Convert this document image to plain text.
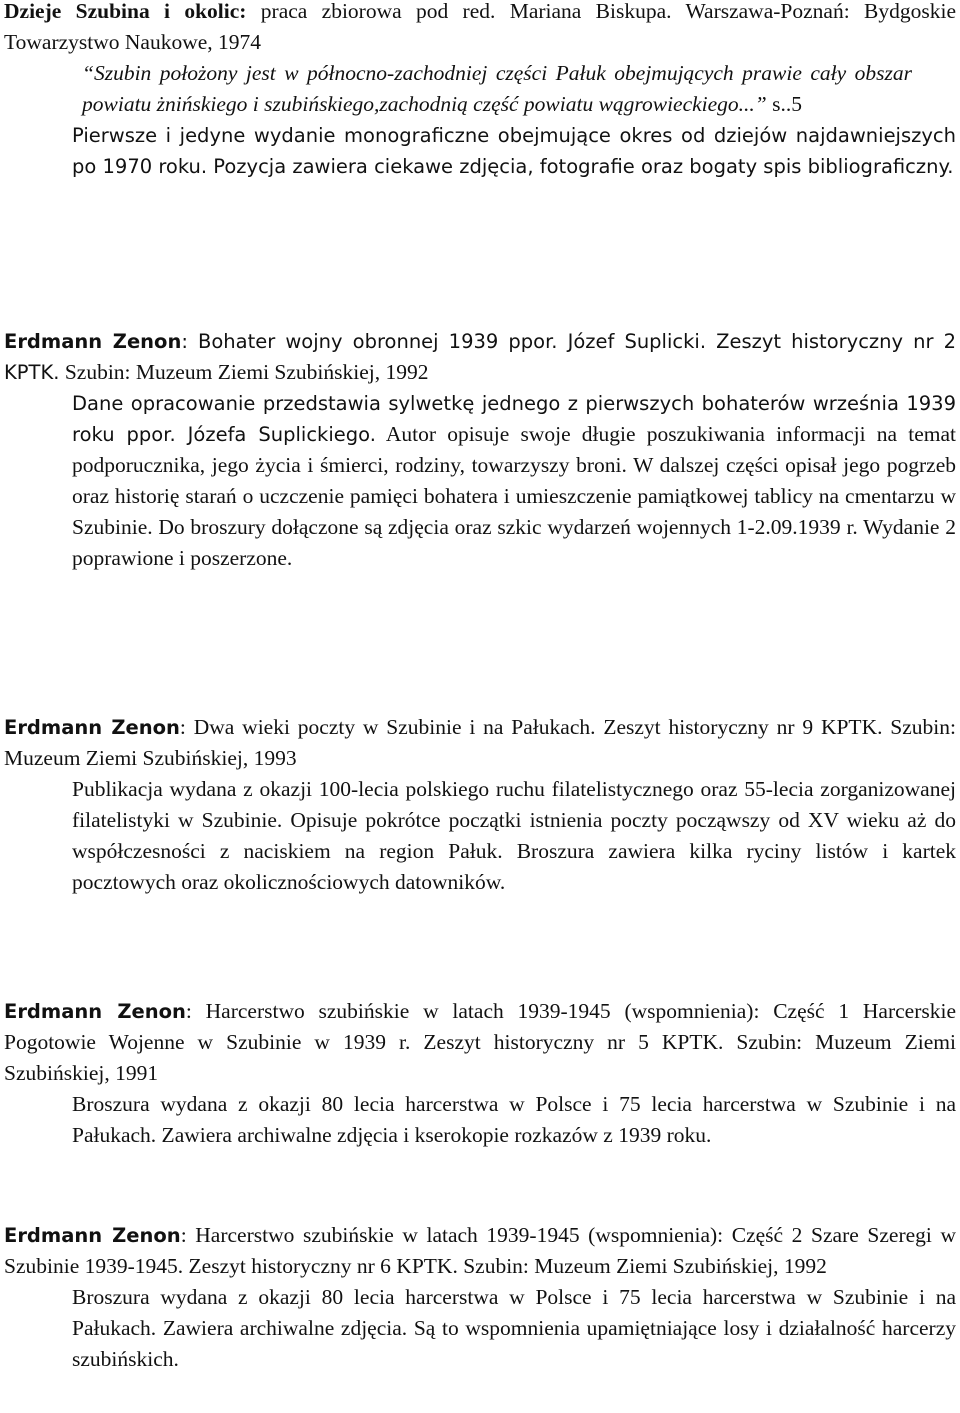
Dzieje Szubina i okolic: praca zbiorowa pod red. Mariana Biskupa. Warszawa-Poznań: Bydgoskie Towarzystwo Naukowe, 1974
“Szubin położony jest w północno-zachodniej części Pałuk obejmujących prawie cały obszar powiatu żnińskiego i szubińskiego,zachodnią część powiatu wągrowieckiego...” s..5
Pierwsze i jedyne wydanie monograficzne obejmujące okres od dziejów najdawniejszych po 1970 roku. Pozycja zawiera ciekawe zdjęcia, fotografie oraz bogaty spis bibliograficzny.
Erdmann Zenon: Bohater wojny obronnej 1939 ppor. Józef Suplicki. Zeszyt historyczny nr 2 KPTK. Szubin: Muzeum Ziemi Szubińskiej, 1992
Dane opracowanie przedstawia sylwetkę jednego z pierwszych bohaterów września 1939 roku ppor. Józefa Suplickiego. Autor opisuje swoje długie poszukiwania informacji na temat podporucznika, jego życia i śmierci, rodziny, towarzyszy broni. W dalszej części opisał jego pogrzeb oraz historię starań o uczczenie pamięci bohatera i umieszczenie pamiątkowej tablicy na cmentarzu w Szubinie. Do broszury dołączone są zdjęcia oraz szkic wydarzeń wojennych 1-2.09.1939 r. Wydanie 2 poprawione i poszerzone.
Erdmann Zenon: Dwa wieki poczty w Szubinie i na Pałukach. Zeszyt historyczny nr 9 KPTK. Szubin: Muzeum Ziemi Szubińskiej, 1993
Publikacja wydana z okazji 100-lecia polskiego ruchu filatelistycznego oraz 55-lecia zorganizowanej filatelistyki w Szubinie. Opisuje pokrótce początki istnienia poczty począwszy od XV wieku aż do współczesności z naciskiem na region Pałuk. Broszura zawiera kilka ryciny listów i kartek pocztowych oraz okolicznościowych datowników.
Erdmann Zenon: Harcerstwo szubińskie w latach 1939-1945 (wspomnienia): Część 1 Harcerskie Pogotowie Wojenne w Szubinie w 1939 r. Zeszyt historyczny nr 5 KPTK. Szubin: Muzeum Ziemi Szubińskiej, 1991
Broszura wydana z okazji 80 lecia harcerstwa w Polsce i 75 lecia harcerstwa w Szubinie i na Pałukach. Zawiera archiwalne zdjęcia i kserokopie rozkazów z 1939 roku.
Erdmann Zenon: Harcerstwo szubińskie w latach 1939-1945 (wspomnienia): Część 2 Szare Szeregi w Szubinie 1939-1945. Zeszyt historyczny nr 6 KPTK. Szubin: Muzeum Ziemi Szubińskiej, 1992
Broszura wydana z okazji 80 lecia harcerstwa w Polsce i 75 lecia harcerstwa w Szubinie i na Pałukach. Zawiera archiwalne zdjęcia. Są to wspomnienia upamiętniające losy i działalność harcerzy szubińskich.
